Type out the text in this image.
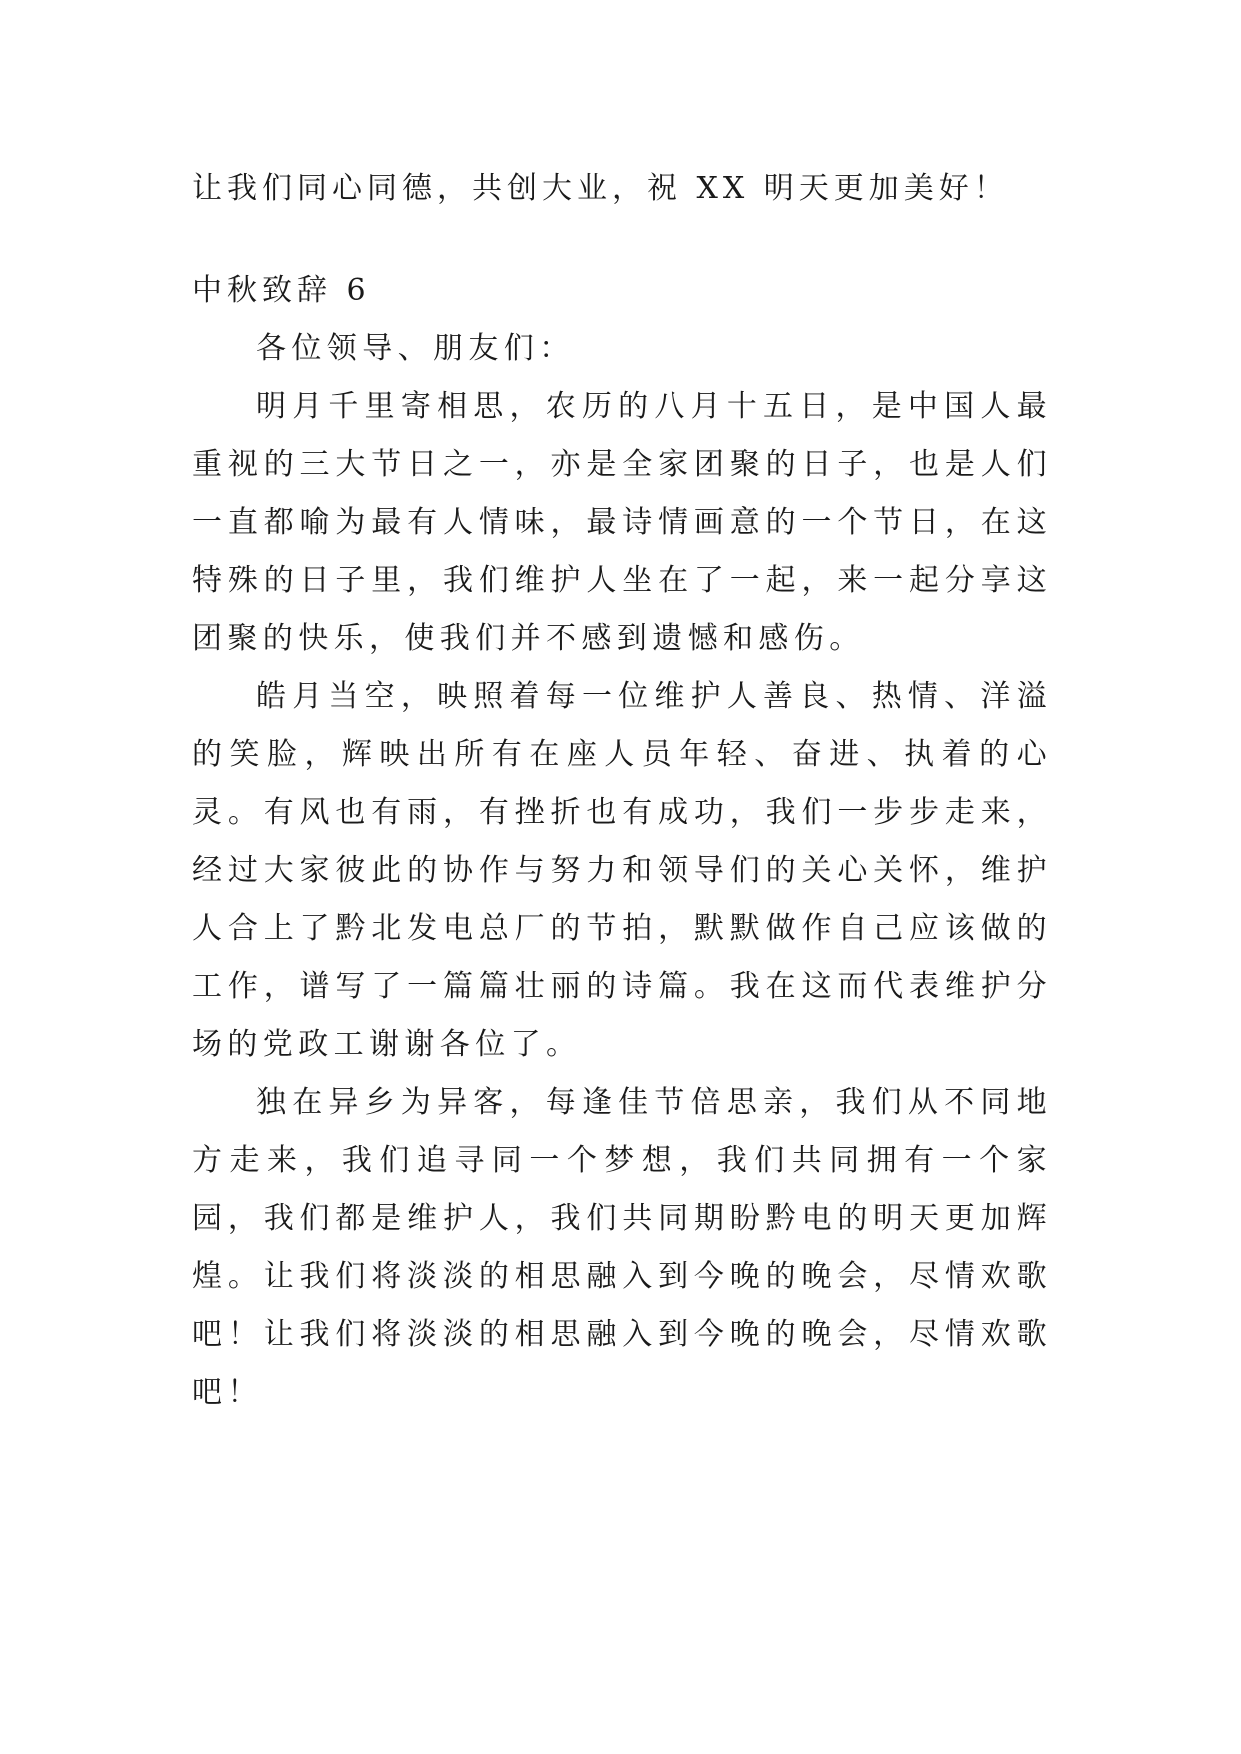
让我们同心同德，共创大业，祝 XX 明天更加美好！

中秋致辞 6

各位领导、朋友们：

明月千里寄相思，农历的八月十五日，是中国人最重视的三大节日之一，亦是全家团聚的日子，也是人们一直都喻为最有人情味，最诗情画意的一个节日，在这特殊的日子里，我们维护人坐在了一起，来一起分享这团聚的快乐，使我们并不感到遗憾和感伤。

皓月当空，映照着每一位维护人善良、热情、洋溢的笑脸，辉映出所有在座人员年轻、奋进、执着的心灵。有风也有雨，有挫折也有成功，我们一步步走来，经过大家彼此的协作与努力和领导们的关心关怀，维护人合上了黔北发电总厂的节拍，默默做作自己应该做的工作，谱写了一篇篇壮丽的诗篇。我在这而代表维护分场的党政工谢谢各位了。

独在异乡为异客，每逢佳节倍思亲，我们从不同地方走来，我们追寻同一个梦想，我们共同拥有一个家园，我们都是维护人，我们共同期盼黔电的明天更加辉煌。让我们将淡淡的相思融入到今晚的晚会，尽情欢歌吧！让我们将淡淡的相思融入到今晚的晚会，尽情欢歌吧！
